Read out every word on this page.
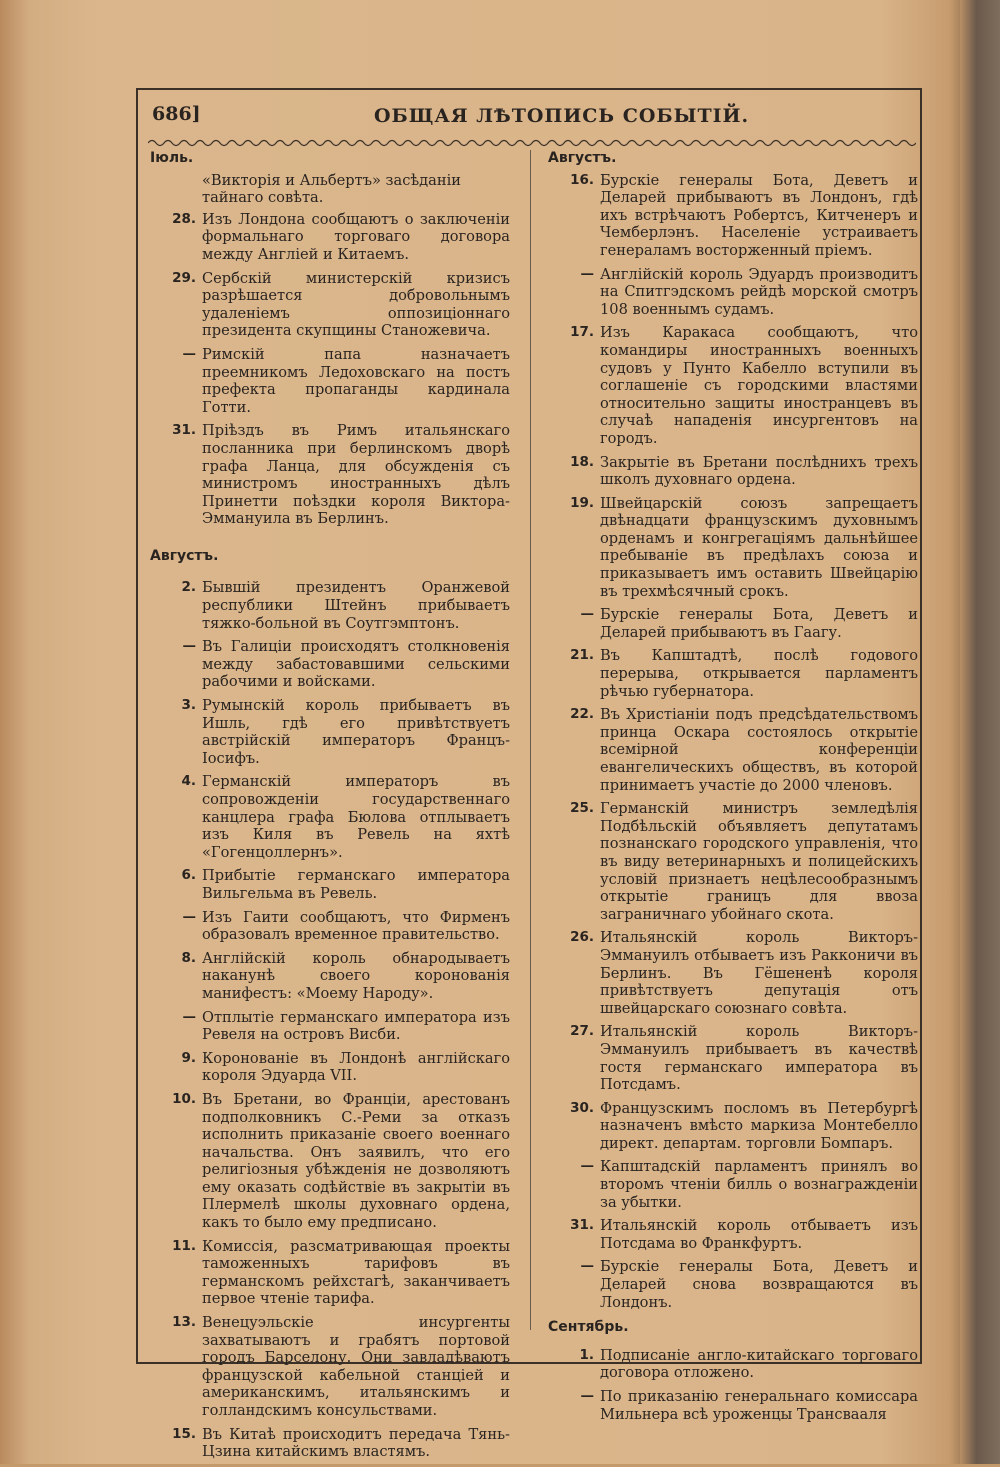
686]	ОБЩАЯ ЛѢТОПИСЬ СОБЫТІЙ.
Іюль.
«Викторія и Альбертъ» засѣданіи тайнаго совѣта.
28. Изъ Лондона сообщаютъ о заключеніи формальнаго торговаго договора между Англіей и Китаемъ.
29. Сербскій министерскій кризисъ разрѣшается добровольнымъ удаленіемъ оппозиціоннаго президента скупщины Станожевича.
— Римскій папа назначаетъ преемникомъ Ледоховскаго на постъ префекта пропаганды кардинала Готти.
31. Пріѣздъ въ Римъ итальянскаго посланника при берлинскомъ дворѣ графа Ланца, для обсужденія съ министромъ иностранныхъ дѣлъ Принетти поѣздки короля Виктора-Эммануила въ Берлинъ.
Августъ.
2. Бывшій президентъ Оранжевой республики Штейнъ прибываетъ тяжко-больной въ Соутгэмптонъ.
— Въ Галиціи происходятъ столкновенія между забастовавшими сельскими рабочими и войсками.
3. Румынскій король прибываетъ въ Ишль, гдѣ его привѣтствуетъ австрійскій императоръ Францъ-Іосифъ.
4. Германскій императоръ въ сопровожденіи государственнаго канцлера графа Бюлова отплываетъ изъ Киля въ Ревель на яхтѣ «Гогенцоллернъ».
6. Прибытіе германскаго императора Вильгельма въ Ревель.
— Изъ Гаити сообщаютъ, что Фирменъ образовалъ временное правительство.
8. Англійскій король обнародываетъ наканунѣ своего коронованія манифестъ: «Моему Народу».
— Отплытіе германскаго императора изъ Ревеля на островъ Висби.
9. Коронованіе въ Лондонѣ англійскаго короля Эдуарда VII.
10. Въ Бретани, во Франціи, арестованъ подполковникъ С.-Реми за отказъ исполнить приказаніе своего военнаго начальства. Онъ заявилъ, что его религіозныя убѣжденія не дозволяютъ ему оказать содѣйствіе въ закрытіи въ Плермелѣ школы духовнаго ордена, какъ то было ему предписано.
11. Комиссія, разсматривающая проекты таможенныхъ тарифовъ въ германскомъ рейхстагѣ, заканчиваетъ первое чтеніе тарифа.
13. Венецуэльскіе инсургенты захватываютъ и грабятъ портовой городъ Барселону. Они завладѣваютъ французской кабельной станціей и американскимъ, итальянскимъ и голландскимъ консульствами.
15. Въ Китаѣ происходитъ передача Тянь-Цзина китайскимъ властямъ.
Августъ.
16. Бурскіе генералы Бота, Деветъ и Деларей прибываютъ въ Лондонъ, гдѣ ихъ встрѣчаютъ Робертсъ, Китченеръ и Чемберлэнъ. Населеніе устраиваетъ генераламъ восторженный пріемъ.
— Англійскій король Эдуардъ производитъ на Спитгэдскомъ рейдѣ морской смотръ 108 военнымъ судамъ.
17. Изъ Каракаса сообщаютъ, что командиры иностранныхъ военныхъ судовъ у Пунто Кабелло вступили въ соглашеніе съ городскими властями относительно защиты иностранцевъ въ случаѣ нападенія инсургентовъ на городъ.
18. Закрытіе въ Бретани послѣднихъ трехъ школъ духовнаго ордена.
19. Швейцарскій союзъ запрещаетъ двѣнадцати французскимъ духовнымъ орденамъ и конгрегаціямъ дальнѣйшее пребываніе въ предѣлахъ союза и приказываетъ имъ оставить Швейцарію въ трехмѣсячный срокъ.
— Бурскіе генералы Бота, Деветъ и Деларей прибываютъ въ Гаагу.
21. Въ Капштадтѣ, послѣ годового перерыва, открывается парламентъ рѣчью губернатора.
22. Въ Христіаніи подъ предсѣдательствомъ принца Оскара состоялось открытіе всемірной конференціи евангелическихъ обществъ, въ которой принимаетъ участіе до 2000 членовъ.
25. Германскій министръ земледѣлія Подбѣльскій объявляетъ депутатамъ познанскаго городского управленія, что въ виду ветеринарныхъ и полицейскихъ условій признаетъ нецѣлесообразнымъ открытіе границъ для ввоза заграничнаго убойнаго скота.
26. Итальянскій король Викторъ-Эммануилъ отбываетъ изъ Ракконичи въ Берлинъ. Въ Гёшененѣ короля привѣтствуетъ депутація отъ швейцарскаго союзнаго совѣта.
27. Итальянскій король Викторъ-Эммануилъ прибываетъ въ качествѣ гостя германскаго императора въ Потсдамъ.
30. Французскимъ посломъ въ Петербургѣ назначенъ вмѣсто маркиза Монтебелло директ. департам. торговли Бомпаръ.
— Капштадскій парламентъ принялъ во второмъ чтеніи билль о вознагражденіи за убытки.
31. Итальянскій король отбываетъ изъ Потсдама во Франкфуртъ.
— Бурскіе генералы Бота, Деветъ и Деларей снова возвращаются въ Лондонъ.
Сентябрь.
1. Подписаніе англо-китайскаго торговаго договора отложено.
— По приказанію генеральнаго комиссара Мильнера всѣ уроженцы Трансвааля
